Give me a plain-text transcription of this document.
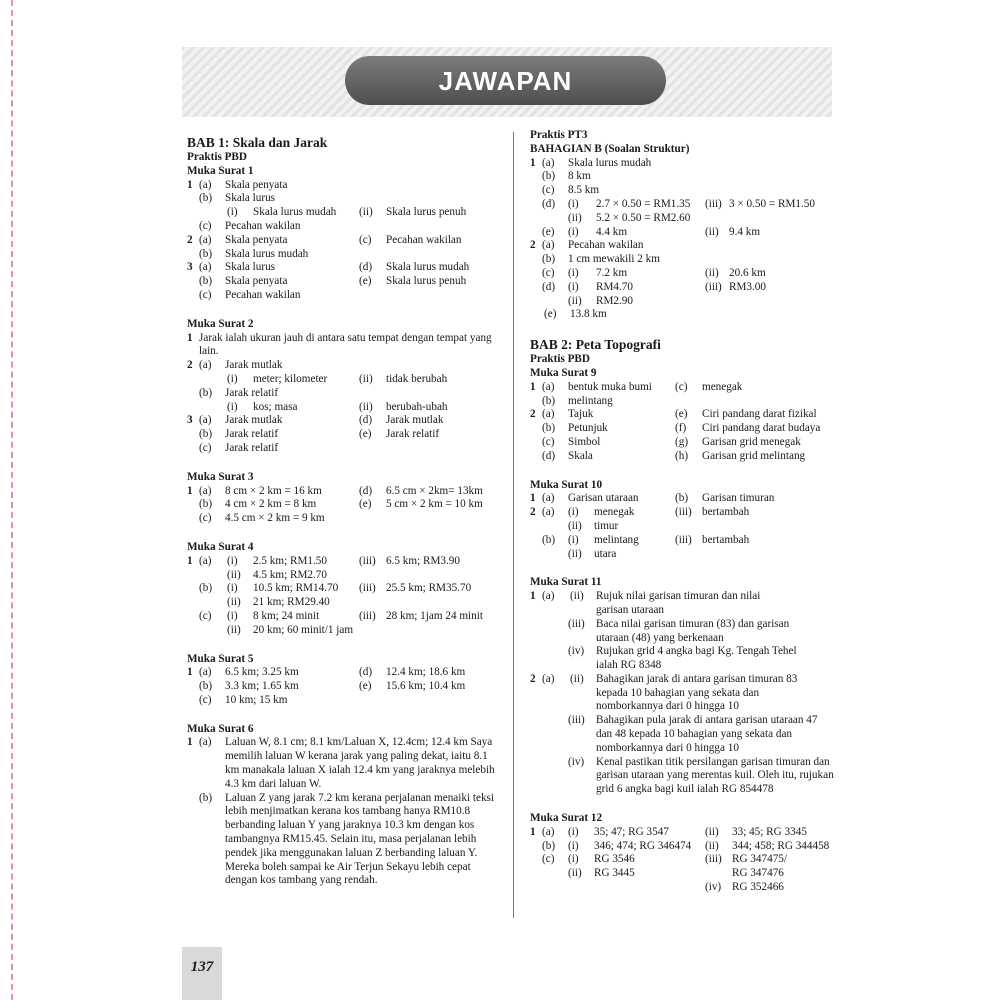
JAWAPAN
BAB 1: Skala dan Jarak
Praktis PBD
Muka Surat 1
1 (a) Skala penyata
(b) Skala lurus
(i) Skala lurus mudah (ii) Skala lurus penuh
(c) Pecahan wakilan
2 (a) Skala penyata	(c) Pecahan wakilan
(b) Skala lurus mudah
3 (a) Skala lurus	(d) Skala lurus mudah
(b) Skala penyata	(e) Skala lurus penuh
(c) Pecahan wakilan
Muka Surat 2
1 Jarak ialah ukuran jauh di antara satu tempat dengan tempat yang lain.
2 (a) Jarak mutlak
(i) meter; kilometer	(ii) tidak berubah
(b) Jarak relatif
(i) kos; masa	(ii) berubah-ubah
3 (a) Jarak mutlak	(d) Jarak mutlak
(b) Jarak relatif	(e) Jarak relatif
(c) Jarak relatif
Muka Surat 3
1 (a) 8 cm × 2 km = 16 km	(d) 6.5 cm × 2km= 13km
(b) 4 cm × 2 km = 8 km	(e) 5 cm × 2 km = 10 km
(c) 4.5 cm × 2 km = 9 km
Muka Surat 4
1 (a) (i) 2.5 km; RM1.50	(iii) 6.5 km; RM3.90
(ii) 4.5 km; RM2.70
(b) (i) 10.5 km; RM14.70 (iii) 25.5 km; RM35.70
(ii) 21 km; RM29.40
(c) (i) 8 km; 24 minit	(iii) 28 km; 1jam 24 minit
(ii) 20 km; 60 minit/1 jam
Muka Surat 5
1 (a) 6.5 km; 3.25 km	(d) 12.4 km; 18.6 km
(b) 3.3 km; 1.65 km	(e) 15.6 km; 10.4 km
(c) 10 km; 15 km
Muka Surat 6
1 (a) Laluan W, 8.1 cm; 8.1 km/Laluan X, 12.4cm; 12.4 km Saya memilih laluan W kerana jarak yang paling dekat, iaitu 8.1 km manakala laluan X ialah 12.4 km yang jaraknya melebih 4.3 km dari laluan W.
(b) Laluan Z yang jarak 7.2 km kerana perjalanan menaiki teksi lebih menjimatkan kerana kos tambang hanya RM10.8 berbanding laluan Y yang jaraknya 10.3 km dengan kos tambangnya RM15.45. Selain itu, masa perjalanan lebih pendek jika menggunakan laluan Z berbanding laluan Y. Mereka boleh sampai ke Air Terjun Sekayu lebih cepat dengan kos tambang yang rendah.
Praktis PT3
BAHAGIAN B (Soalan Struktur)
1 (a) Skala lurus mudah
(b) 8 km
(c) 8.5 km
(d) (i) 2.7 × 0.50 = RM1.35 (iii) 3 × 0.50 = RM1.50
(ii) 5.2 × 0.50 = RM2.60
(e) (i) 4.4 km	(ii) 9.4 km
2 (a) Pecahan wakilan
(b) 1 cm mewakili 2 km
(c) (i) 7.2 km	(ii) 20.6 km
(d) (i) RM4.70	(iii) RM3.00
(ii) RM2.90
(e) 13.8 km
BAB 2: Peta Topografi
Praktis PBD
Muka Surat 9
1 (a) bentuk muka bumi (c) menegak
(b) melintang
2 (a) Tajuk	(e) Ciri pandang darat fizikal
(b) Petunjuk	(f) Ciri pandang darat budaya
(c) Simbol	(g) Garisan grid menegak
(d) Skala	(h) Garisan grid melintang
Muka Surat 10
1 (a) Garisan utaraan	(b) Garisan timuran
2 (a) (i) menegak	(iii) bertambah
(ii) timur
(b) (i) melintang	(iii) bertambah
(ii) utara
Muka Surat 11
1 (a) (ii) Rujuk nilai garisan timuran dan nilai garisan utaraan
(iii) Baca nilai garisan timuran (83) dan garisan utaraan (48) yang berkenaan
(iv) Rujukan grid 4 angka bagi Kg. Tengah Tehel ialah RG 8348
2 (a) (ii) Bahagikan jarak di antara garisan timuran 83 kepada 10 bahagian yang sekata dan nomborkannya dari 0 hingga 10
(iii) Bahagikan pula jarak di antara garisan utaraan 47 dan 48 kepada 10 bahagian yang sekata dan nomborkannya dari 0 hingga 10
(iv) Kenal pastikan titik persilangan garisan timuran dan garisan utaraan yang merentas kuil. Oleh itu, rujukan grid 6 angka bagi kuil ialah RG 854478
Muka Surat 12
1 (a) (i) 35; 47; RG 3547	(ii) 33; 45; RG 3345
(b) (i) 346; 474; RG 346474 (ii) 344; 458; RG 344458
(c) (i) RG 3546	(iii) RG 347475/
(ii) RG 3445	RG 347476
(iv) RG 352466
137
